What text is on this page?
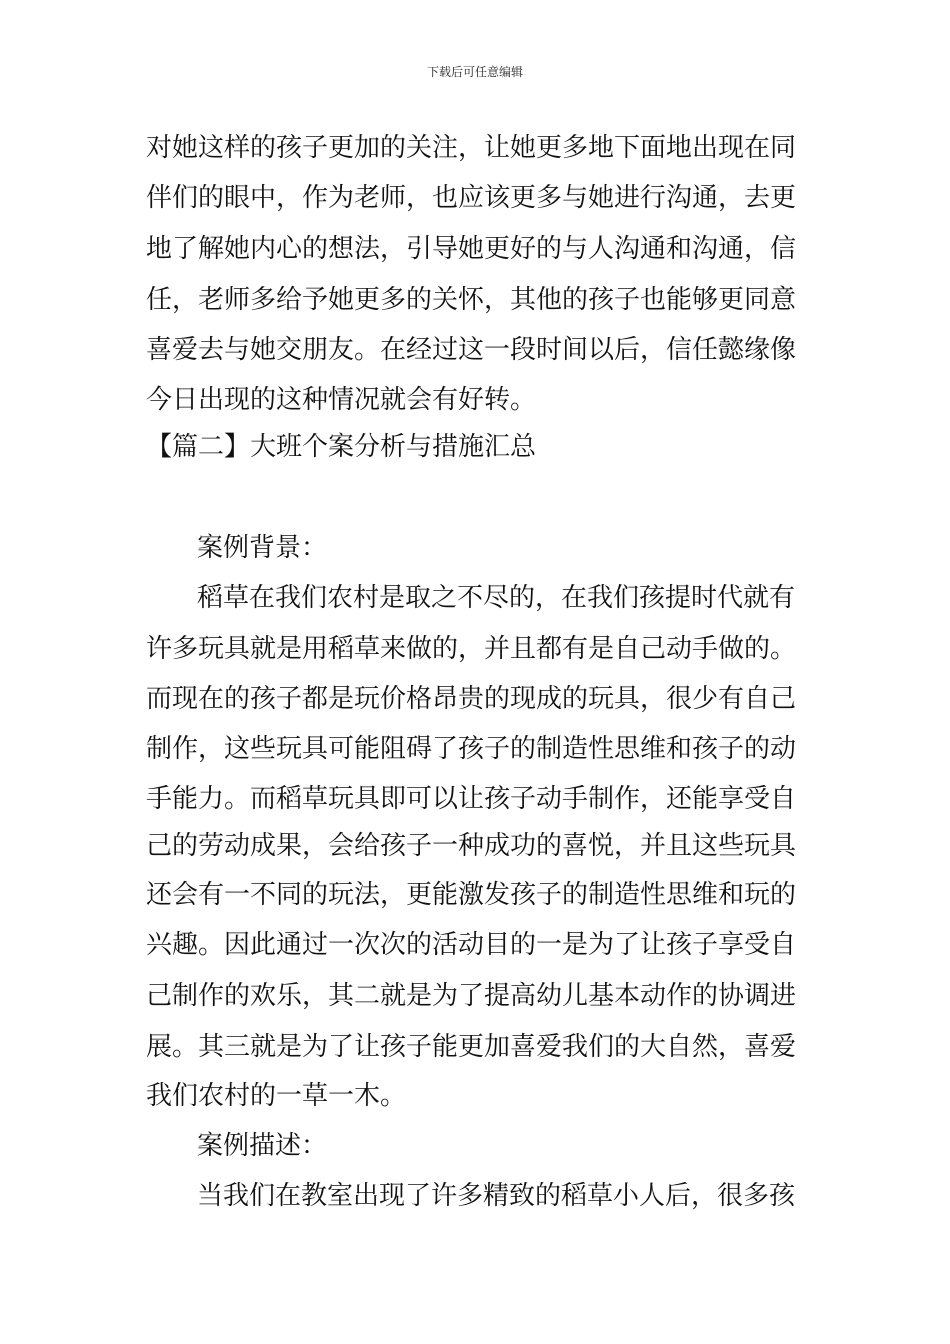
下载后可任意编辑
对她这样的孩子更加的关注，让她更多地下面地出现在同
伴们的眼中，作为老师，也应该更多与她进行沟通，去更
地了解她内心的想法，引导她更好的与人沟通和沟通，信
任，老师多给予她更多的关怀，其他的孩子也能够更同意
喜爱去与她交朋友。在经过这一段时间以后，信任懿缘像
今日出现的这种情况就会有好转。
【篇二】大班个案分析与措施汇总
案例背景：
稻草在我们农村是取之不尽的，在我们孩提时代就有
许多玩具就是用稻草来做的，并且都有是自己动手做的。
而现在的孩子都是玩价格昂贵的现成的玩具，很少有自己
制作，这些玩具可能阻碍了孩子的制造性思维和孩子的动
手能力。而稻草玩具即可以让孩子动手制作，还能享受自
己的劳动成果，会给孩子一种成功的喜悦，并且这些玩具
还会有一不同的玩法，更能激发孩子的制造性思维和玩的
兴趣。因此通过一次次的活动目的一是为了让孩子享受自
己制作的欢乐，其二就是为了提高幼儿基本动作的协调进
展。其三就是为了让孩子能更加喜爱我们的大自然，喜爱
我们农村的一草一木。
案例描述：
当我们在教室出现了许多精致的稻草小人后，很多孩
